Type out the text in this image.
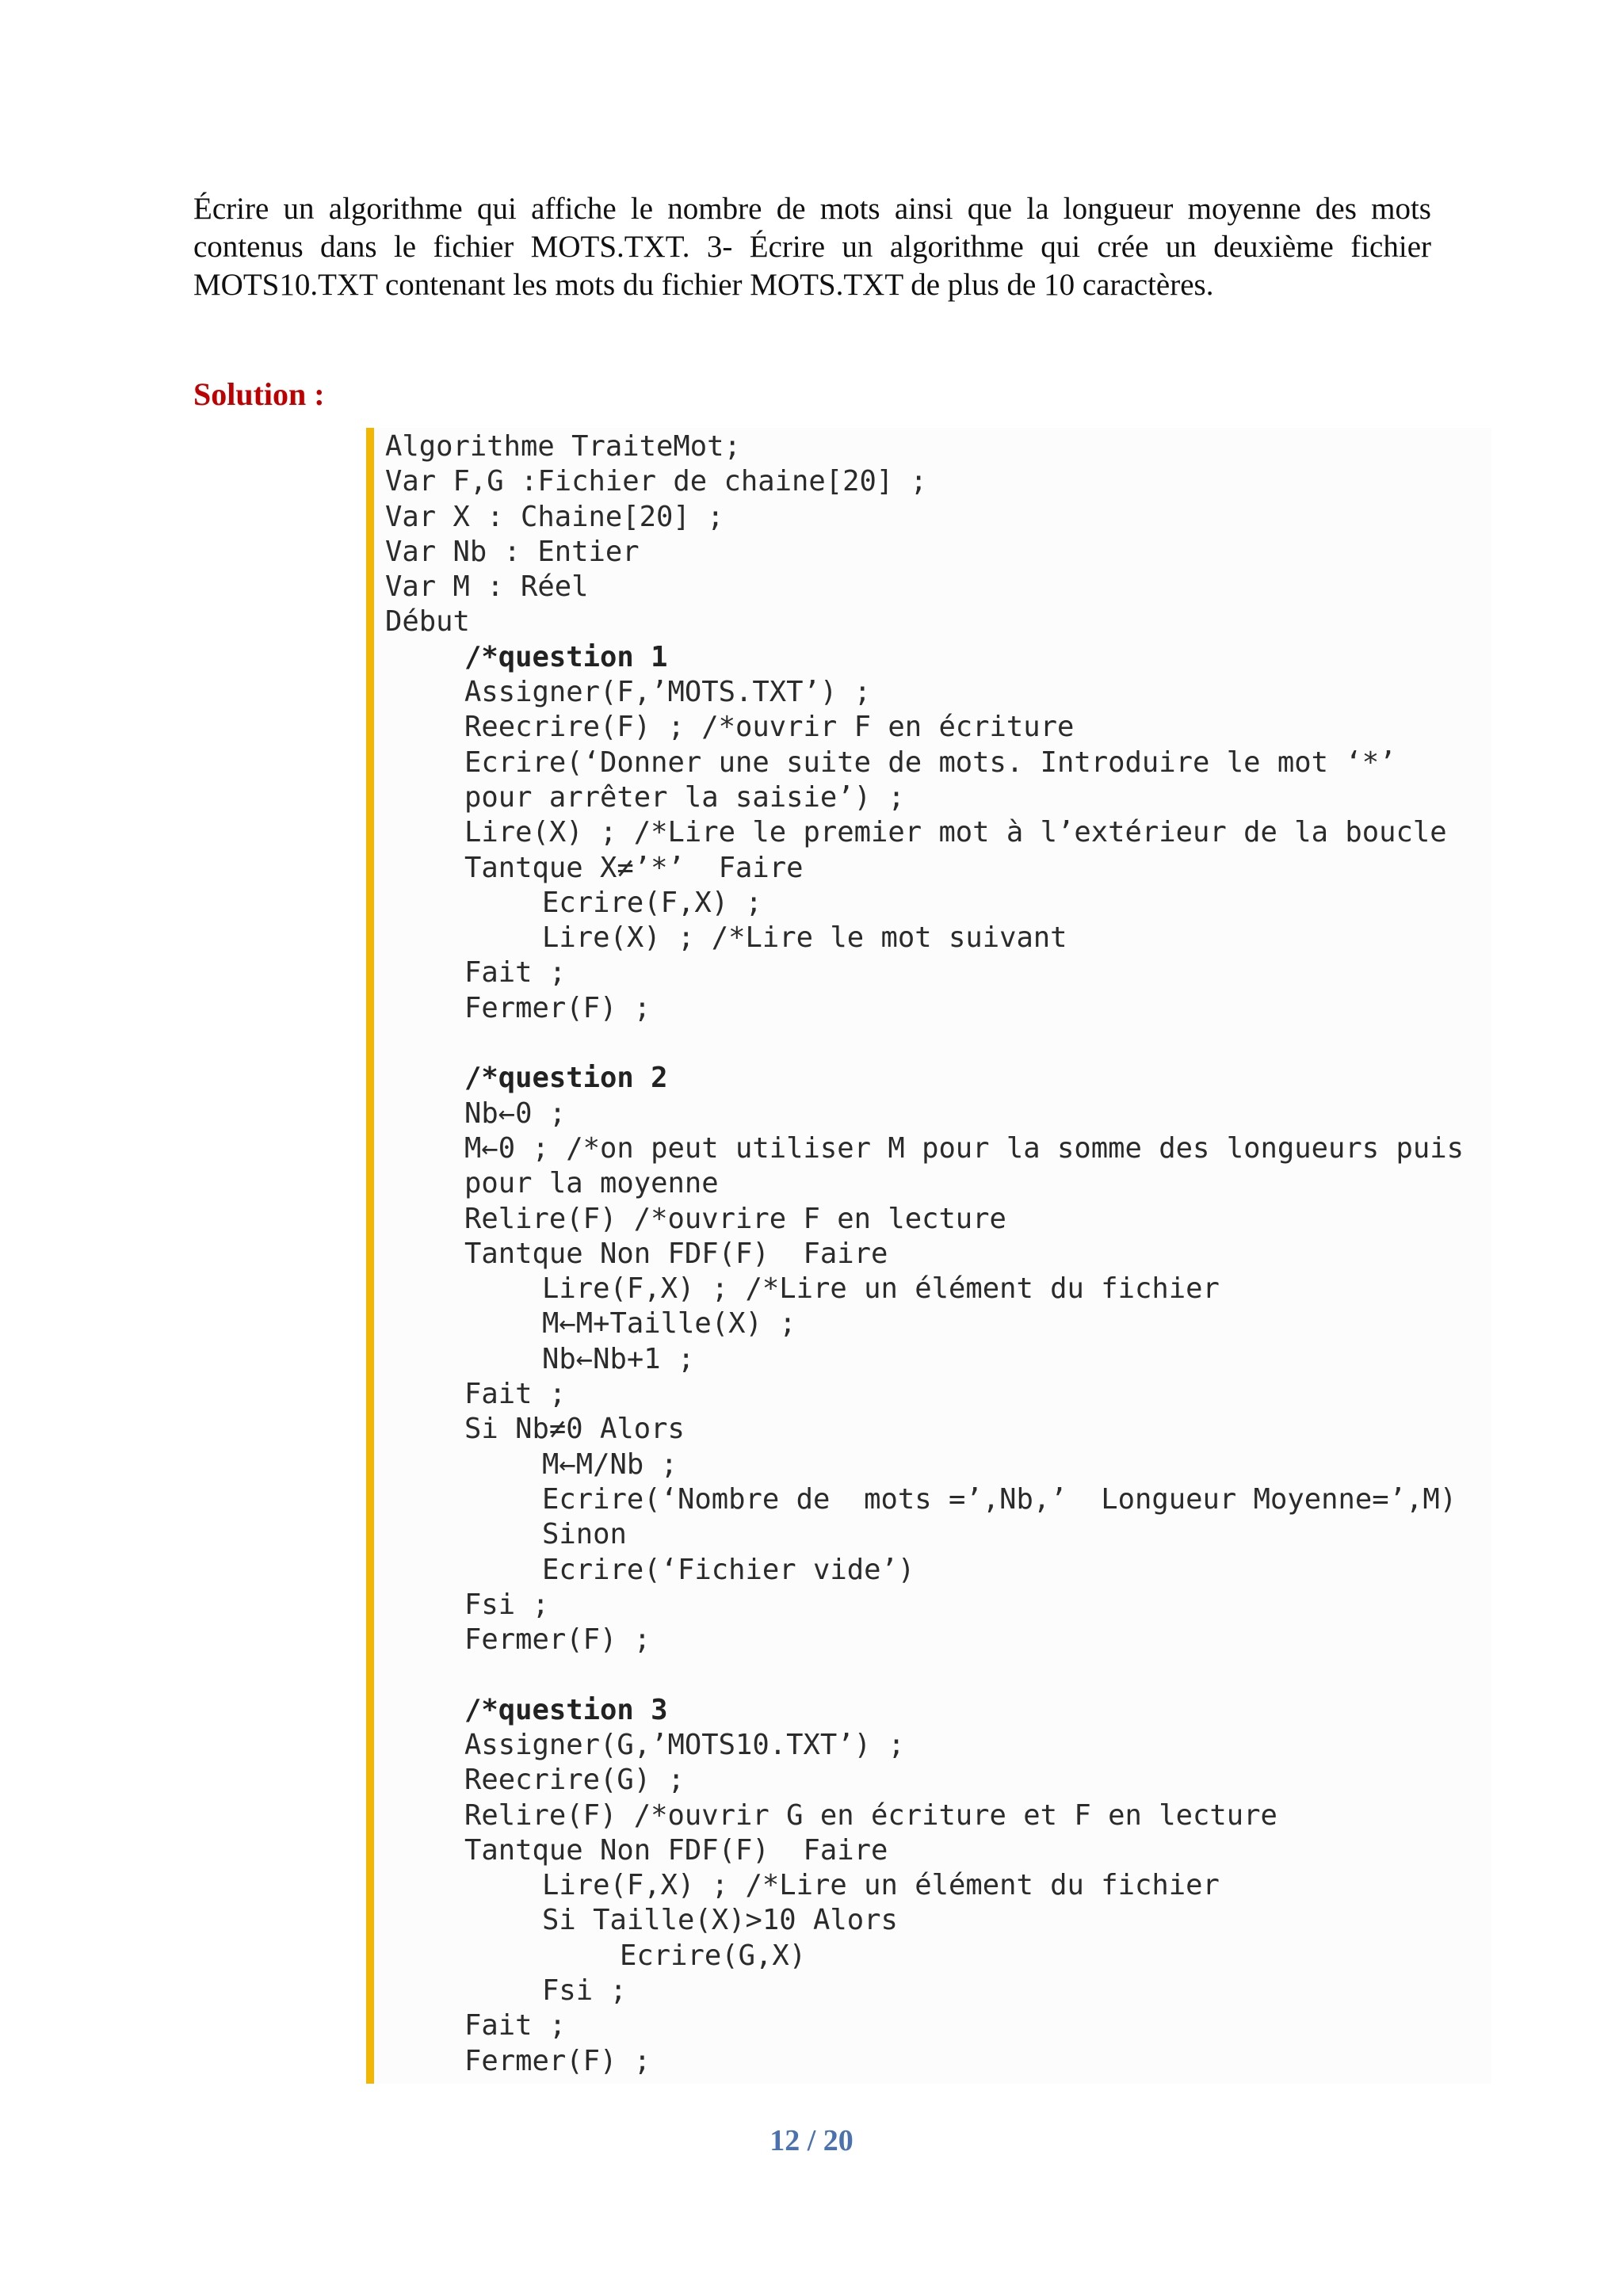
Écrire un algorithme qui affiche le nombre de mots ainsi que la longueur moyenne des mots contenus dans le fichier MOTS.TXT. 3- Écrire un algorithme qui crée un deuxième fichier MOTS10.TXT contenant les mots du fichier MOTS.TXT de plus de 10 caractères.

Solution :

Algorithme TraiteMot;
Var F,G :Fichier de chaine[20] ;
Var X : Chaine[20] ;
Var Nb : Entier
Var M : Réel
Début
/*question 1
Assigner(F,’MOTS.TXT’) ;
Reecrire(F) ; /*ouvrir F en écriture
Ecrire(‘Donner une suite de mots. Introduire le mot ‘*’
pour arrêter la saisie’) ;
Lire(X) ; /*Lire le premier mot à l’extérieur de la boucle
Tantque X≠’*’  Faire
Ecrire(F,X) ;
Lire(X) ; /*Lire le mot suivant
Fait ;
Fermer(F) ;
/*question 2
Nb←0 ;
M←0 ; /*on peut utiliser M pour la somme des longueurs puis
pour la moyenne
Relire(F) /*ouvrire F en lecture
Tantque Non FDF(F)  Faire
Lire(F,X) ; /*Lire un élément du fichier
M←M+Taille(X) ;
Nb←Nb+1 ;
Fait ;
Si Nb≠0 Alors
M←M/Nb ;
Ecrire(‘Nombre de  mots =’,Nb,’  Longueur Moyenne=’,M)
Sinon
Ecrire(‘Fichier vide’)
Fsi ;
Fermer(F) ;
/*question 3
Assigner(G,’MOTS10.TXT’) ;
Reecrire(G) ;
Relire(F) /*ouvrir G en écriture et F en lecture
Tantque Non FDF(F)  Faire
Lire(F,X) ; /*Lire un élément du fichier
Si Taille(X)>10 Alors
Ecrire(G,X)
Fsi ;
Fait ;
Fermer(F) ;
12 / 20
